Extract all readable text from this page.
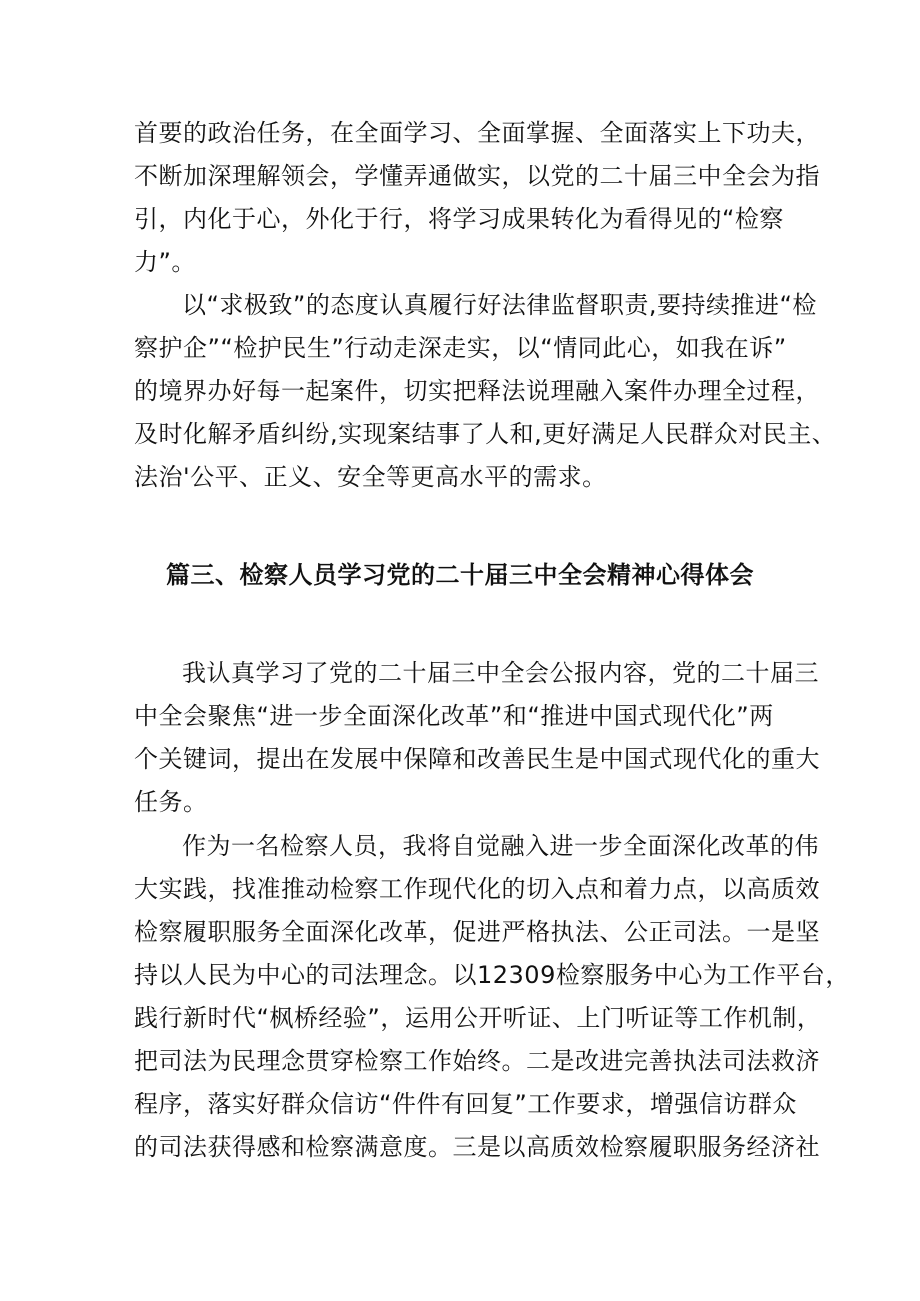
首要的政治任务，在全面学习、全面掌握、全面落实上下功夫，
不断加深理解领会，学懂弄通做实，以党的二十届三中全会为指
引，内化于心，外化于行，将学习成果转化为看得见的“检察
力”。
以“求极致”的态度认真履行好法律监督职责,要持续推进“检
察护企”“检护民生”行动走深走实，以“情同此心，如我在诉”
的境界办好每一起案件，切实把释法说理融入案件办理全过程，
及时化解矛盾纠纷,实现案结事了人和,更好满足人民群众对民主、
法治'公平、正义、安全等更高水平的需求。
篇三、检察人员学习党的二十届三中全会精神心得体会
我认真学习了党的二十届三中全会公报内容，党的二十届三
中全会聚焦“进一步全面深化改革”和“推进中国式现代化”两
个关键词，提出在发展中保障和改善民生是中国式现代化的重大
任务。
作为一名检察人员，我将自觉融入进一步全面深化改革的伟
大实践，找准推动检察工作现代化的切入点和着力点，以高质效
检察履职服务全面深化改革，促进严格执法、公正司法。一是坚
持以人民为中心的司法理念。以12309检察服务中心为工作平台，
践行新时代“枫桥经验”，运用公开听证、上门听证等工作机制，
把司法为民理念贯穿检察工作始终。二是改进完善执法司法救济
程序，落实好群众信访“件件有回复”工作要求，增强信访群众
的司法获得感和检察满意度。三是以高质效检察履职服务经济社
